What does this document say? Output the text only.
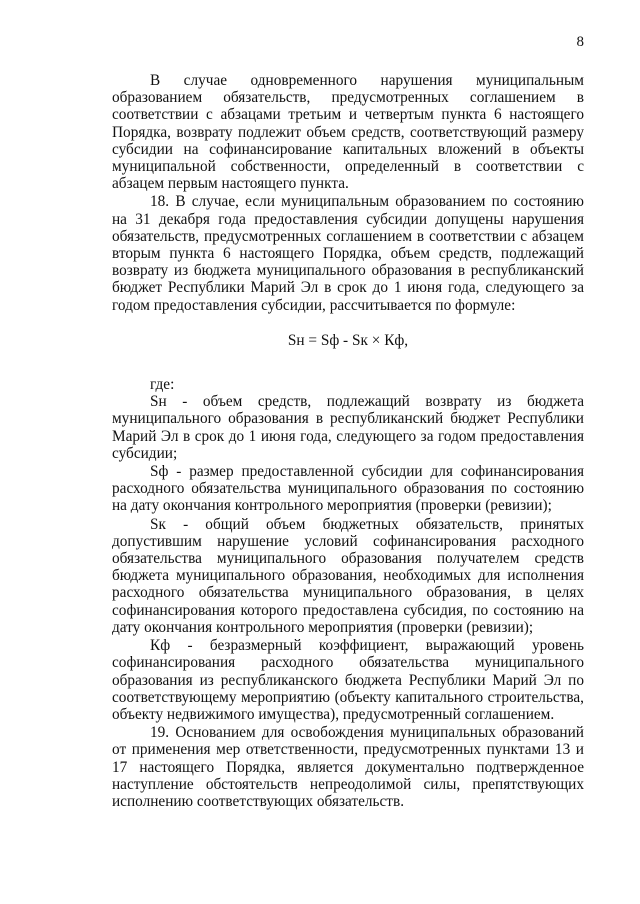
8

В случае одновременного нарушения муниципальным образованием обязательств, предусмотренных соглашением в соответствии с абзацами третьим и четвертым пункта 6 настоящего Порядка, возврату подлежит объем средств, соответствующий размеру субсидии на софинансирование капитальных вложений в объекты муниципальной собственности, определенный в соответствии с абзацем первым настоящего пункта.

18. В случае, если муниципальным образованием по состоянию на 31 декабря года предоставления субсидии допущены нарушения обязательств, предусмотренных соглашением в соответствии с абзацем вторым пункта 6 настоящего Порядка, объем средств, подлежащий возврату из бюджета муниципального образования в республиканский бюджет Республики Марий Эл в срок до 1 июня года, следующего за годом предоставления субсидии, рассчитывается по формуле:

Sн = Sф - Sк × Кф,

где:

Sн - объем средств, подлежащий возврату из бюджета муниципального образования в республиканский бюджет Республики Марий Эл в срок до 1 июня года, следующего за годом предоставления субсидии;

Sф - размер предоставленной субсидии для софинансирования расходного обязательства муниципального образования по состоянию на дату окончания контрольного мероприятия (проверки (ревизии);

Sк - общий объем бюджетных обязательств, принятых допустившим нарушение условий софинансирования расходного обязательства муниципального образования получателем средств бюджета муниципального образования, необходимых для исполнения расходного обязательства муниципального образования, в целях софинансирования которого предоставлена субсидия, по состоянию на дату окончания контрольного мероприятия (проверки (ревизии);

Кф - безразмерный коэффициент, выражающий уровень софинансирования расходного обязательства муниципального образования из республиканского бюджета Республики Марий Эл по соответствующему мероприятию (объекту капитального строительства, объекту недвижимого имущества), предусмотренный соглашением.

19. Основанием для освобождения муниципальных образований от применения мер ответственности, предусмотренных пунктами 13 и 17 настоящего Порядка, является документально подтвержденное наступление обстоятельств непреодолимой силы, препятствующих исполнению соответствующих обязательств.
